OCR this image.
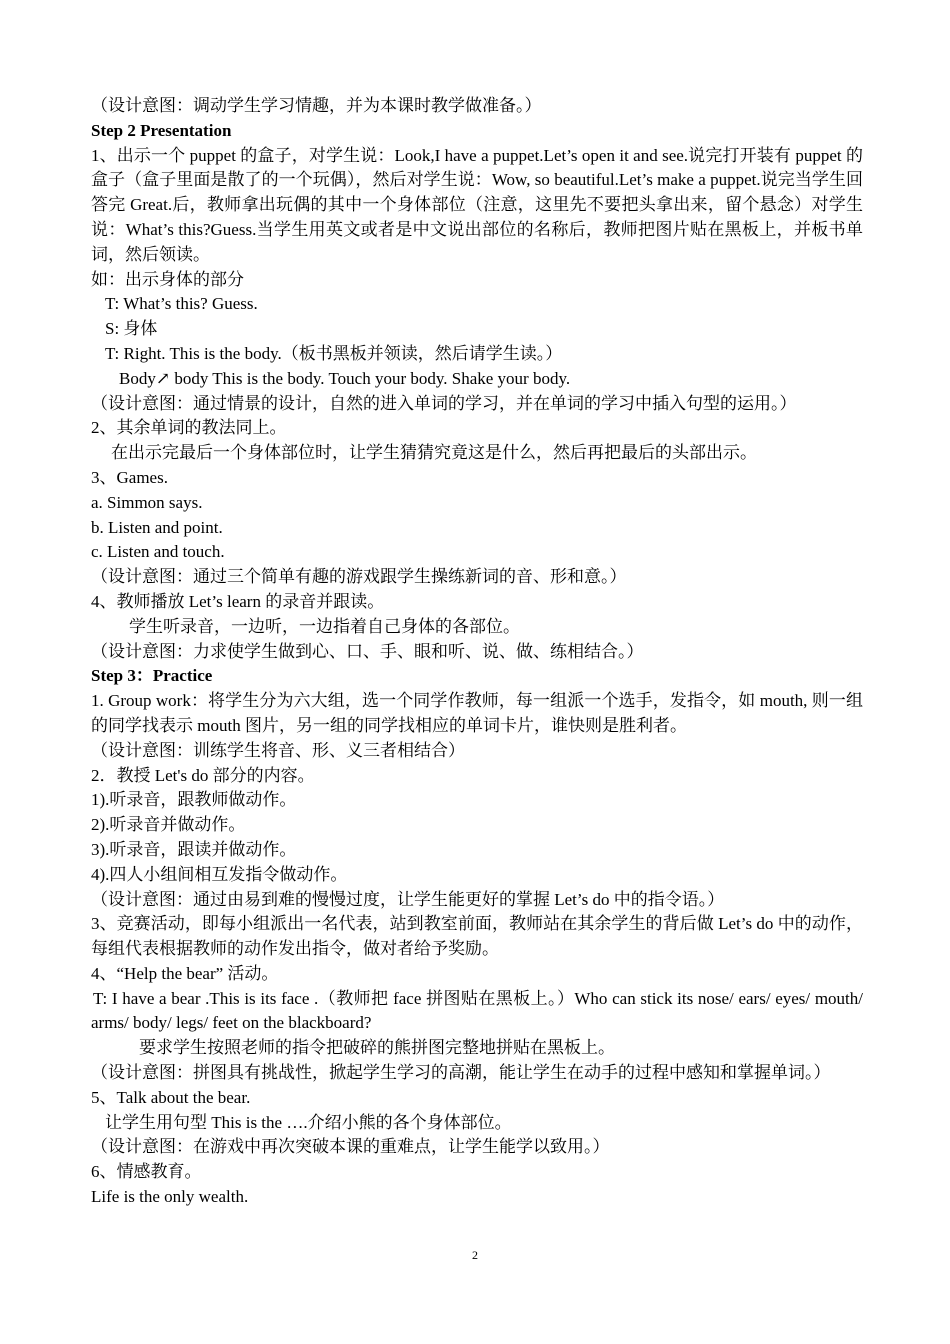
（设计意图：调动学生学习情趣，并为本课时教学做准备。）
Step 2 Presentation
1、出示一个 puppet 的盒子，对学生说：Look,I have a puppet.Let’s open it and see.说完打开装有 puppet 的盒子（盒子里面是散了的一个玩偶），然后对学生说：Wow, so beautiful.Let’s make a puppet.说完当学生回答完 Great.后，教师拿出玩偶的其中一个身体部位（注意，这里先不要把头拿出来，留个悬念）对学生说：What’s this?Guess.当学生用英文或者是中文说出部位的名称后，教师把图片贴在黑板上，并板书单词，然后领读。
如：出示身体的部分
T: What’s this? Guess.
S: 身体
T: Right. This is the body.（板书黑板并领读，然后请学生读。）
Body↗ body This is the body. Touch your body. Shake your body.
（设计意图：通过情景的设计，自然的进入单词的学习，并在单词的学习中插入句型的运用。）
2、其余单词的教法同上。
在出示完最后一个身体部位时，让学生猜猜究竟这是什么，然后再把最后的头部出示。
3、Games.
a. Simmon says.
b. Listen and point.
c. Listen and touch.
（设计意图：通过三个简单有趣的游戏跟学生操练新词的音、形和意。）
4、教师播放 Let’s learn 的录音并跟读。
学生听录音，一边听，一边指着自己身体的各部位。
（设计意图：力求使学生做到心、口、手、眼和听、说、做、练相结合。）
Step 3：Practice
1. Group work：将学生分为六大组，选一个同学作教师，每一组派一个选手，发指令，如 mouth, 则一组的同学找表示 mouth 图片，另一组的同学找相应的单词卡片，谁快则是胜利者。
（设计意图：训练学生将音、形、义三者相结合）
2．教授 Let's do 部分的内容。
1).听录音，跟教师做动作。
2).听录音并做动作。
3).听录音，跟读并做动作。
4).四人小组间相互发指令做动作。
（设计意图：通过由易到难的慢慢过度，让学生能更好的掌握 Let’s do 中的指令语。）
3、竞赛活动，即每小组派出一名代表，站到教室前面，教师站在其余学生的背后做 Let’s do 中的动作，每组代表根据教师的动作发出指令，做对者给予奖励。
4、“Help the bear” 活动。
T: I have a bear .This is its face .（教师把 face 拼图贴在黑板上。）Who can stick its nose/ ears/ eyes/ mouth/ arms/ body/ legs/ feet on the blackboard?
要求学生按照老师的指令把破碎的熊拼图完整地拼贴在黑板上。
（设计意图：拼图具有挑战性，掀起学生学习的高潮，能让学生在动手的过程中感知和掌握单词。）
5、Talk about the bear.
让学生用句型 This is the ….介绍小熊的各个身体部位。
（设计意图：在游戏中再次突破本课的重难点，让学生能学以致用。）
6、情感教育。
Life is the only wealth.
2
